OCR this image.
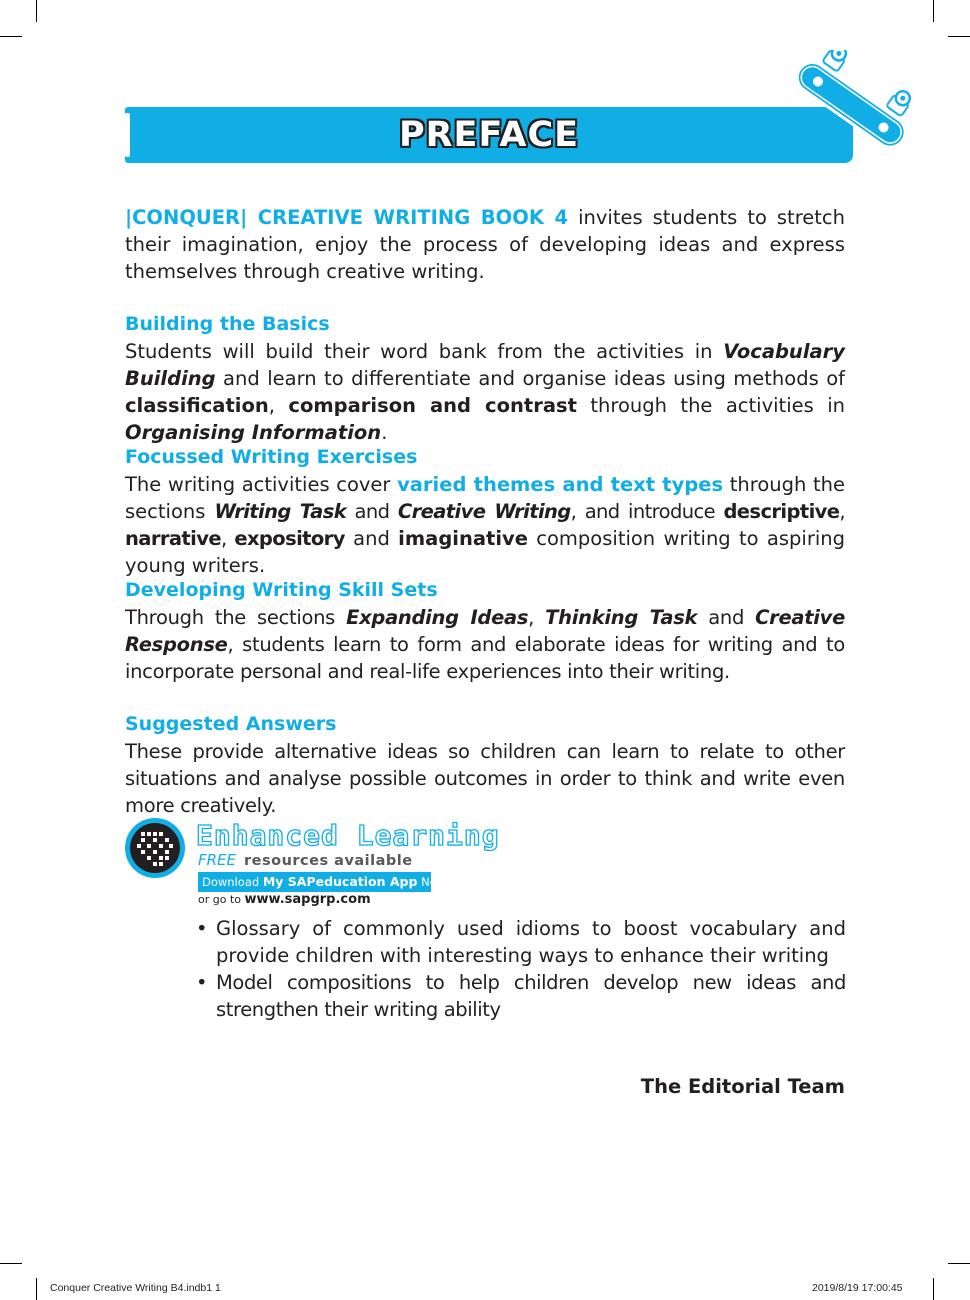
PREFACE
|CONQUER| CREATIVE WRITING BOOK 4 invites students to stretch their imagination, enjoy the process of developing ideas and express themselves through creative writing.
Building the Basics
Students will build their word bank from the activities in Vocabulary Building and learn to differentiate and organise ideas using methods of classification, comparison and contrast through the activities in Organising Information.
Focussed Writing Exercises
The writing activities cover varied themes and text types through the sections Writing Task and Creative Writing, and introduce descriptive, narrative, expository and imaginative composition writing to aspiring young writers.
Developing Writing Skill Sets
Through the sections Expanding Ideas, Thinking Task and Creative Response, students learn to form and elaborate ideas for writing and to incorporate personal and real-life experiences into their writing.
Suggested Answers
These provide alternative ideas so children can learn to relate to other situations and analyse possible outcomes in order to think and write even more creatively.
Enhanced Learning
FREE resources available
Download My SAPeducation App Now!
or go to www.sapgrp.com
• Glossary of commonly used idioms to boost vocabulary and provide children with interesting ways to enhance their writing
• Model compositions to help children develop new ideas and strengthen their writing ability
The Editorial Team
Conquer Creative Writing B4.indb1 1	2019/8/19 17:00:45
